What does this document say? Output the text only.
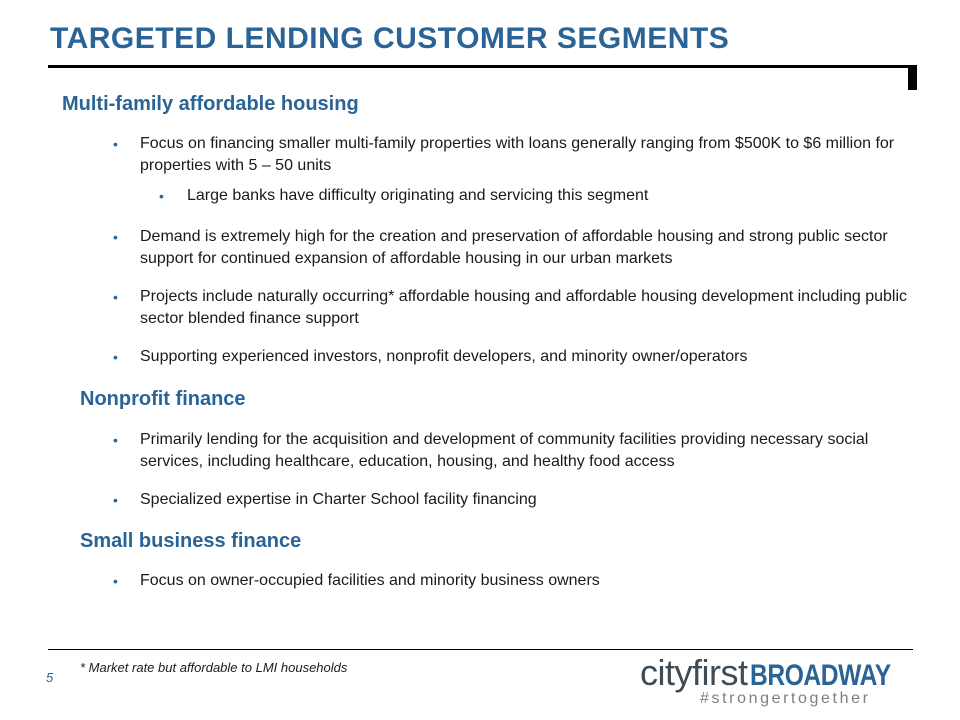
TARGETED LENDING CUSTOMER SEGMENTS
Multi-family affordable housing
• Focus on financing smaller multi-family properties with loans generally ranging from $500K to $6 million for properties with 5 – 50 units
• Large banks have difficulty originating and servicing this segment
• Demand is extremely high for the creation and preservation of affordable housing and strong public sector support for continued expansion of affordable housing in our urban markets
• Projects include naturally occurring* affordable housing and affordable housing development including public sector blended finance support
• Supporting experienced investors, nonprofit developers, and minority owner/operators
Nonprofit finance
• Primarily lending for the acquisition and development of community facilities providing necessary social services, including healthcare, education, housing, and healthy food access
• Specialized expertise in Charter School facility financing
Small business finance
• Focus on owner-occupied facilities and minority business owners
* Market rate but affordable to LMI households
5	cityfirstBROADWAY
#strongertogether
